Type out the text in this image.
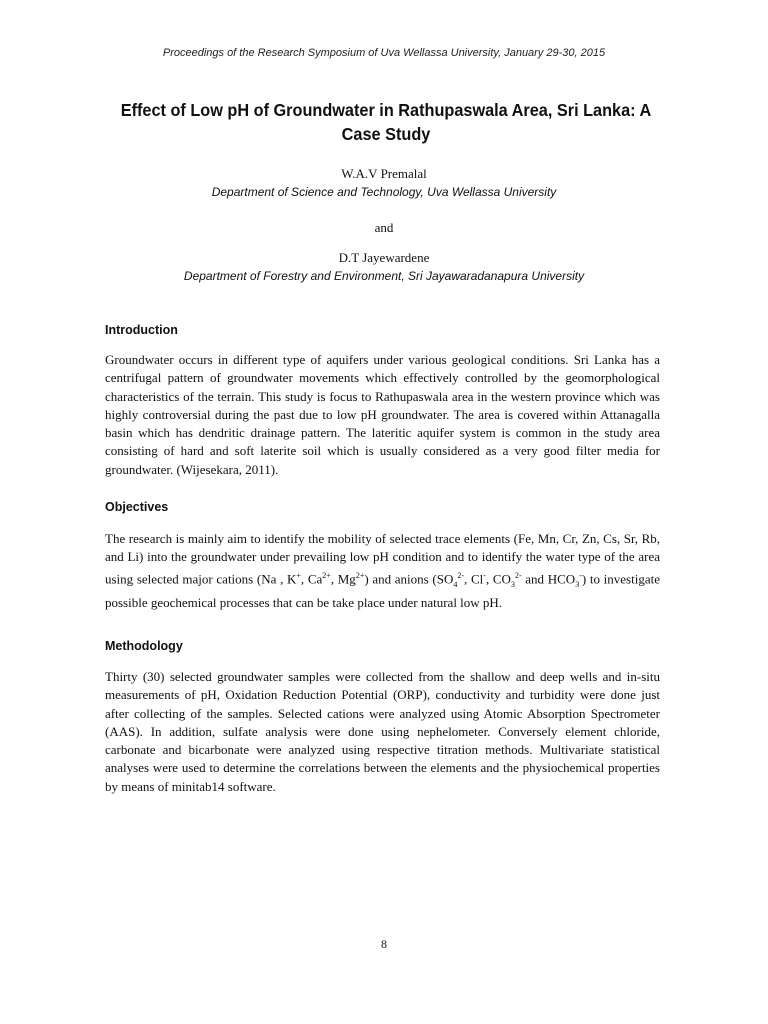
Proceedings of the Research Symposium of Uva Wellassa University, January 29-30, 2015
Effect of Low pH of Groundwater in Rathupaswala Area, Sri Lanka: A Case Study
W.A.V Premalal
Department of Science and Technology, Uva Wellassa University
and
D.T Jayewardene
Department of Forestry and Environment, Sri Jayawaradanapura University
Introduction

Groundwater occurs in different type of aquifers under various geological conditions. Sri Lanka has a centrifugal pattern of groundwater movements which effectively controlled by the geomorphological characteristics of the terrain. This study is focus to Rathupaswala area in the western province which was highly controversial during the past due to low pH groundwater. The area is covered within Attanagalla basin which has dendritic drainage pattern. The lateritic aquifer system is common in the study area consisting of hard and soft laterite soil which is usually considered as a very good filter media for groundwater. (Wijesekara, 2011).

Objectives

The research is mainly aim to identify the mobility of selected trace elements (Fe, Mn, Cr, Zn, Cs, Sr, Rb, and Li) into the groundwater under prevailing low pH condition and to identify the water type of the area using selected major cations (Na , K+, $Ca^{2+}$, $Mg^{2+}$) and anions ($SO_4^{2-}$, Cl-, $CO_3^{2-}$ and $HCO_3^-$) to investigate possible geochemical processes that can be take place under natural low pH.

Methodology

Thirty (30) selected groundwater samples were collected from the shallow and deep wells and in-situ measurements of pH, Oxidation Reduction Potential (ORP), conductivity and turbidity were done just after collecting of the samples. Selected cations were analyzed using Atomic Absorption Spectrometer (AAS). In addition, sulfate analysis were done using nephelometer. Conversely element chloride, carbonate and bicarbonate were analyzed using respective titration methods. Multivariate statistical analyses were used to determine the correlations between the elements and the physiochemical properties by means of minitab14 software.

8
